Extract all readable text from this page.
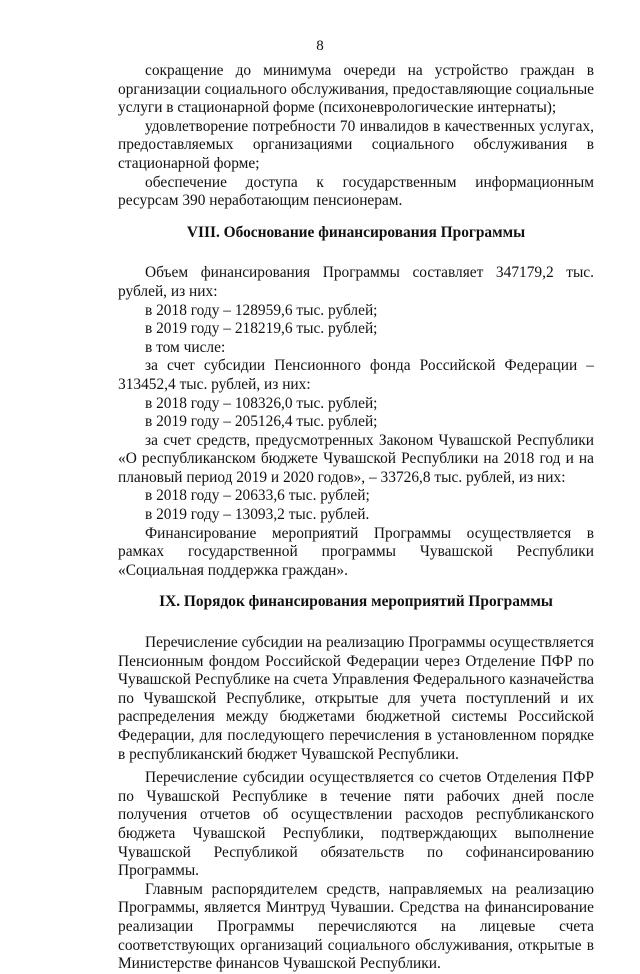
8

сокращение до минимума очереди на устройство граждан в организации социального обслуживания, предоставляющие социальные услуги в стационарной форме (психоневрологические интернаты);

удовлетворение потребности 70 инвалидов в качественных услугах, предоставляемых организациями социального обслуживания в стационарной форме;

обеспечение доступа к государственным информационным ресурсам 390 неработающим пенсионерам.

VIII. Обоснование финансирования Программы

Объем финансирования Программы составляет 347179,2 тыс. рублей, из них:

в 2018 году – 128959,6 тыс. рублей;

в 2019 году – 218219,6 тыс. рублей;

в том числе:

за счет субсидии Пенсионного фонда Российской Федерации – 313452,4 тыс. рублей, из них:

в 2018 году – 108326,0 тыс. рублей;

в 2019 году – 205126,4 тыс. рублей;

за счет средств, предусмотренных Законом Чувашской Республики «О республиканском бюджете Чувашской Республики на 2018 год и на плановый период 2019 и 2020 годов», – 33726,8 тыс. рублей, из них:

в 2018 году – 20633,6 тыс. рублей;

в 2019 году – 13093,2 тыс. рублей.

Финансирование мероприятий Программы осуществляется в рамках государственной программы Чувашской Республики «Социальная поддержка граждан».

IX. Порядок финансирования мероприятий Программы

Перечисление субсидии на реализацию Программы осуществляется Пенсионным фондом Российской Федерации через Отделение ПФР по Чувашской Республике на счета Управления Федерального казначейства по Чувашской Республике, открытые для учета поступлений и их распределения между бюджетами бюджетной системы Российской Федерации, для последующего перечисления в установленном порядке в республиканский бюджет Чувашской Республики.

Перечисление субсидии осуществляется со счетов Отделения ПФР по Чувашской Республике в течение пяти рабочих дней после получения отчетов об осуществлении расходов республиканского бюджета Чувашской Республики, подтверждающих выполнение Чувашской Республикой обязательств по софинансированию Программы.

Главным распорядителем средств, направляемых на реализацию Программы, является Минтруд Чувашии. Средства на финансирование реализации Программы перечисляются на лицевые счета соответствующих организаций социального обслуживания, открытые в Министерстве финансов Чувашской Республики.
